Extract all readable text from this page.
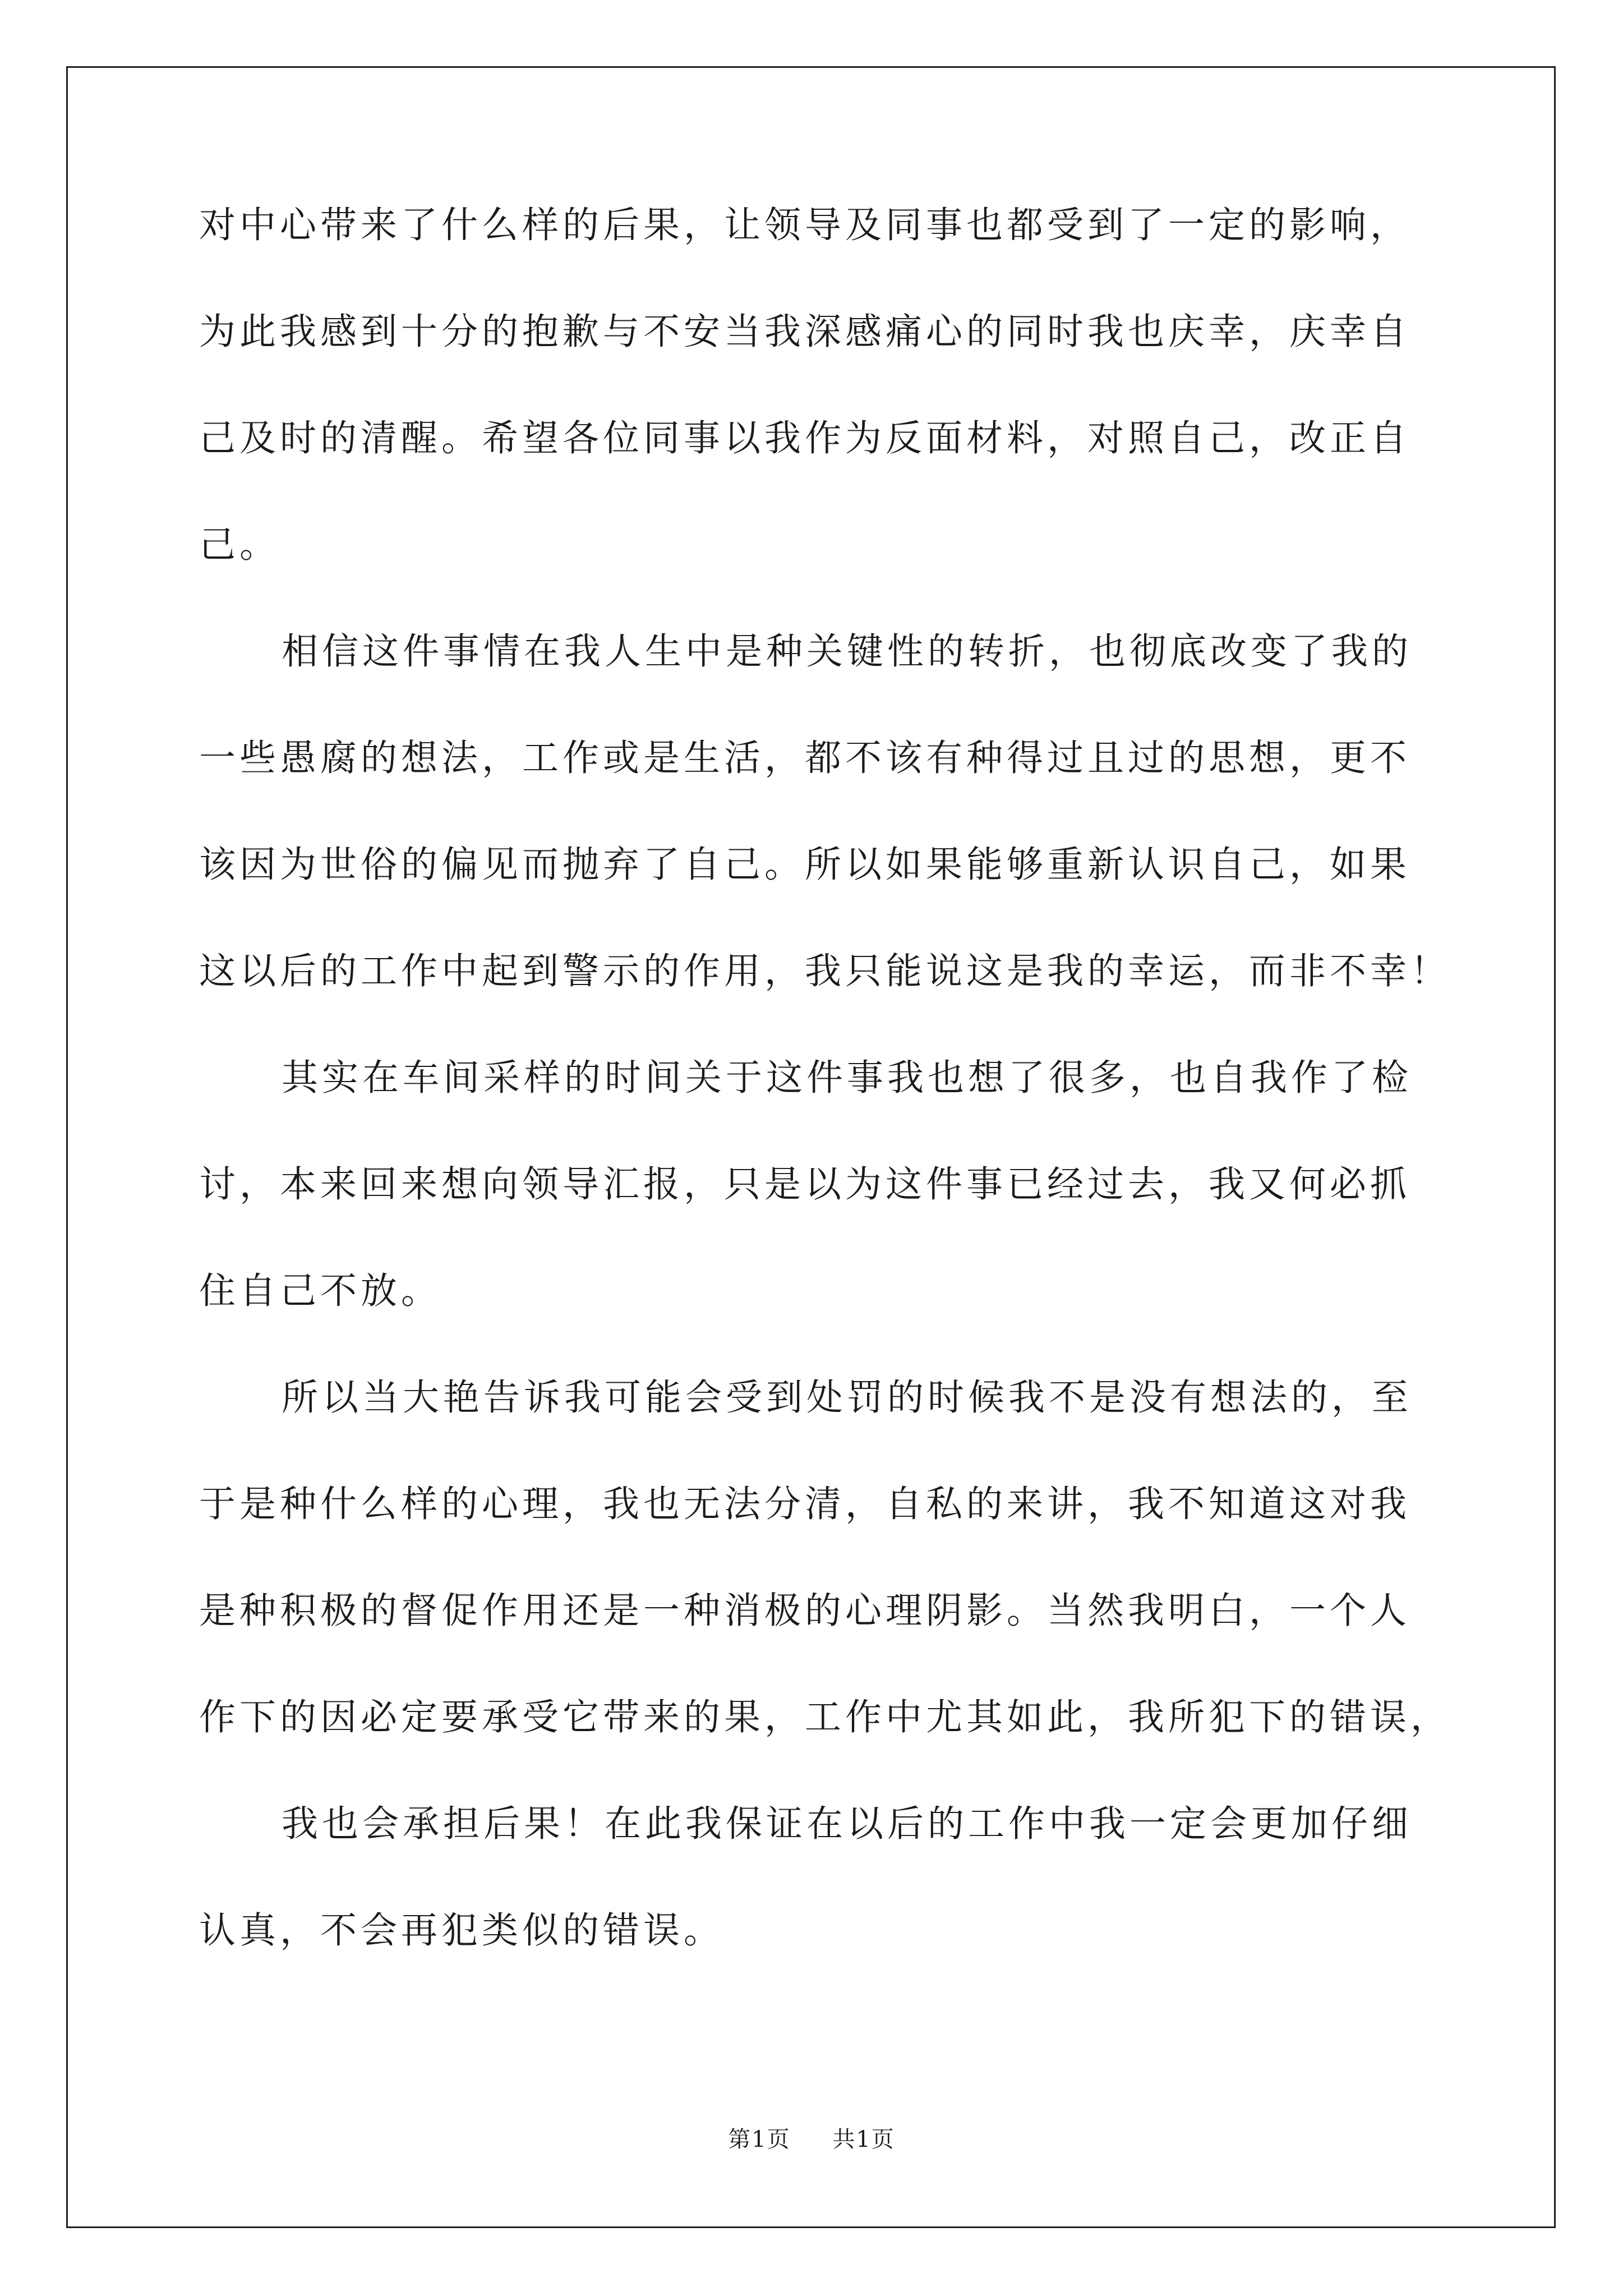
对中心带来了什么样的后果，让领导及同事也都受到了一定的影响，
为此我感到十分的抱歉与不安当我深感痛心的同时我也庆幸，庆幸自
己及时的清醒。希望各位同事以我作为反面材料，对照自己，改正自
己。
相信这件事情在我人生中是种关键性的转折，也彻底改变了我的
一些愚腐的想法，工作或是生活，都不该有种得过且过的思想，更不
该因为世俗的偏见而抛弃了自己。所以如果能够重新认识自己，如果
这以后的工作中起到警示的作用，我只能说这是我的幸运，而非不幸！
其实在车间采样的时间关于这件事我也想了很多，也自我作了检
讨，本来回来想向领导汇报，只是以为这件事已经过去，我又何必抓
住自己不放。
所以当大艳告诉我可能会受到处罚的时候我不是没有想法的，至
于是种什么样的心理，我也无法分清，自私的来讲，我不知道这对我
是种积极的督促作用还是一种消极的心理阴影。当然我明白，一个人
作下的因必定要承受它带来的果，工作中尤其如此，我所犯下的错误，
我也会承担后果！在此我保证在以后的工作中我一定会更加仔细
认真，不会再犯类似的错误。
第1页 共1页
